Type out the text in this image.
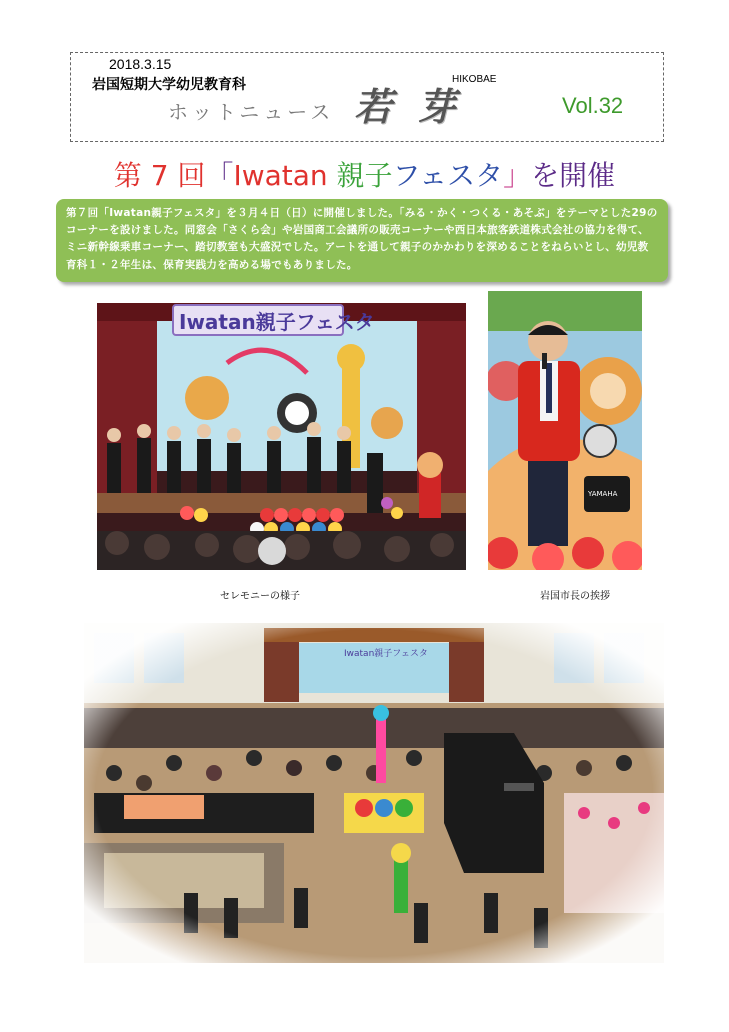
2018.3.15
岩国短期大学幼児教育科
ホットニュース 若 芽
HIKOBAE
Vol.32
第 7 回「Iwatan 親子フェスタ」を開催
第７回「Iwatan親子フェスタ」を３月４日（日）に開催しました。「みる・かく・つくる・あそぶ」をテーマとした29のコーナーを設けました。同窓会「さくら会」や岩国商工会議所の販売コーナーや西日本旅客鉄道株式会社の協力を得て、ミニ新幹線乗車コーナー、踏切教室も大盛況でした。アートを通して親子のかかわりを深めることをねらいとし、幼児教育科１・２年生は、保育実践力を高める場でもありました。
Iwatan親子フェスタ
YAMAHA
セレモニーの様子	岩国市長の挨拶
